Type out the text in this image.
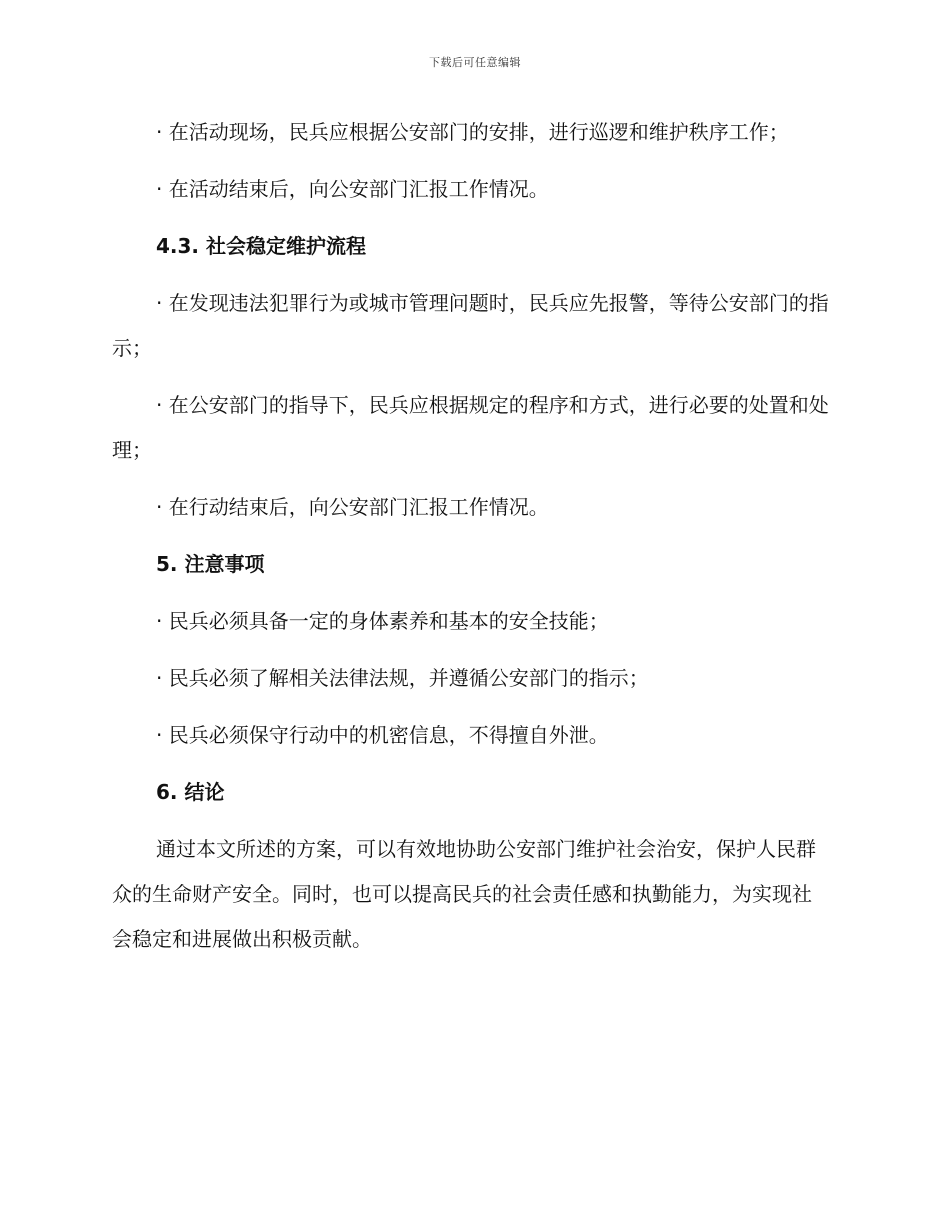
下载后可任意编辑

· 在活动现场，民兵应根据公安部门的安排，进行巡逻和维护秩序工作；

· 在活动结束后，向公安部门汇报工作情况。

4.3. 社会稳定维护流程

· 在发现违法犯罪行为或城市管理问题时，民兵应先报警，等待公安部门的指示；

· 在公安部门的指导下，民兵应根据规定的程序和方式，进行必要的处置和处理；

· 在行动结束后，向公安部门汇报工作情况。

5. 注意事项

· 民兵必须具备一定的身体素养和基本的安全技能；

· 民兵必须了解相关法律法规，并遵循公安部门的指示；

· 民兵必须保守行动中的机密信息，不得擅自外泄。

6. 结论

通过本文所述的方案，可以有效地协助公安部门维护社会治安，保护人民群众的生命财产安全。同时，也可以提高民兵的社会责任感和执勤能力，为实现社会稳定和进展做出积极贡献。
